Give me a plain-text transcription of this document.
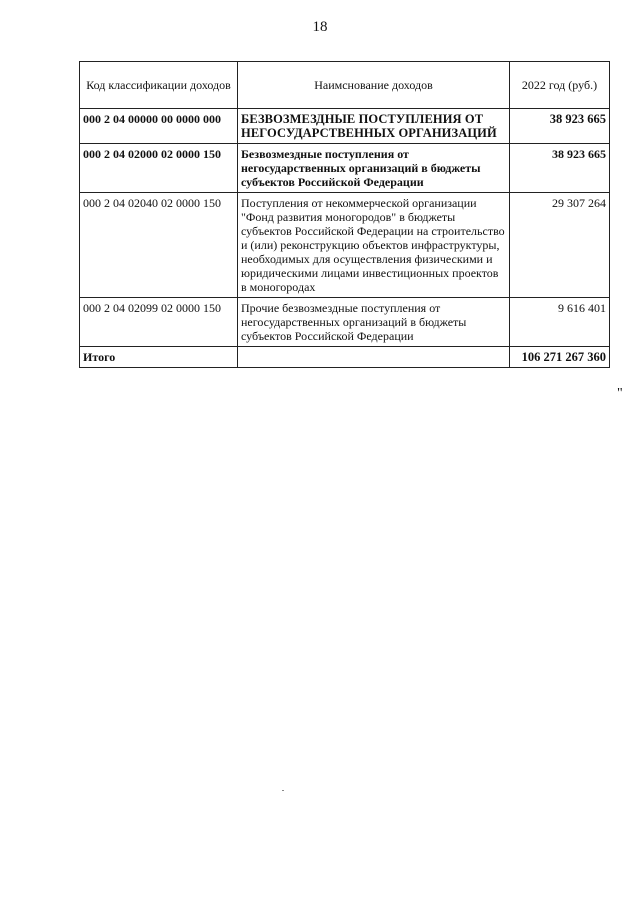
18
Код классификации доходов	Наимснование доходов	2022 год (руб.)
000 2 04 00000 00 0000 000	БЕЗВОЗМЕЗДНЫЕ ПОСТУПЛЕНИЯ ОТ НЕГОСУДАРСТВЕННЫХ ОРГАНИЗАЦИЙ	38 923 665
000 2 04 02000 02 0000 150	Безвозмездные поступления от негосударственных организаций в бюджеты субъектов Российской Федерации	38 923 665
000 2 04 02040 02 0000 150	Поступления от некоммерческой организации "Фонд развития моногородов" в бюджеты субъектов Российской Федерации на строительство и (или) реконструкцию объектов инфраструктуры, необходимых для осуществления физическими и юридическими лицами инвестиционных проектов в моногородах	29 307 264
000 2 04 02099 02 0000 150	Прочие безвозмездные поступления от негосударственных организаций в бюджеты субъектов Российской Федерации	9 616 401
Итого		106 271 267 360
"
